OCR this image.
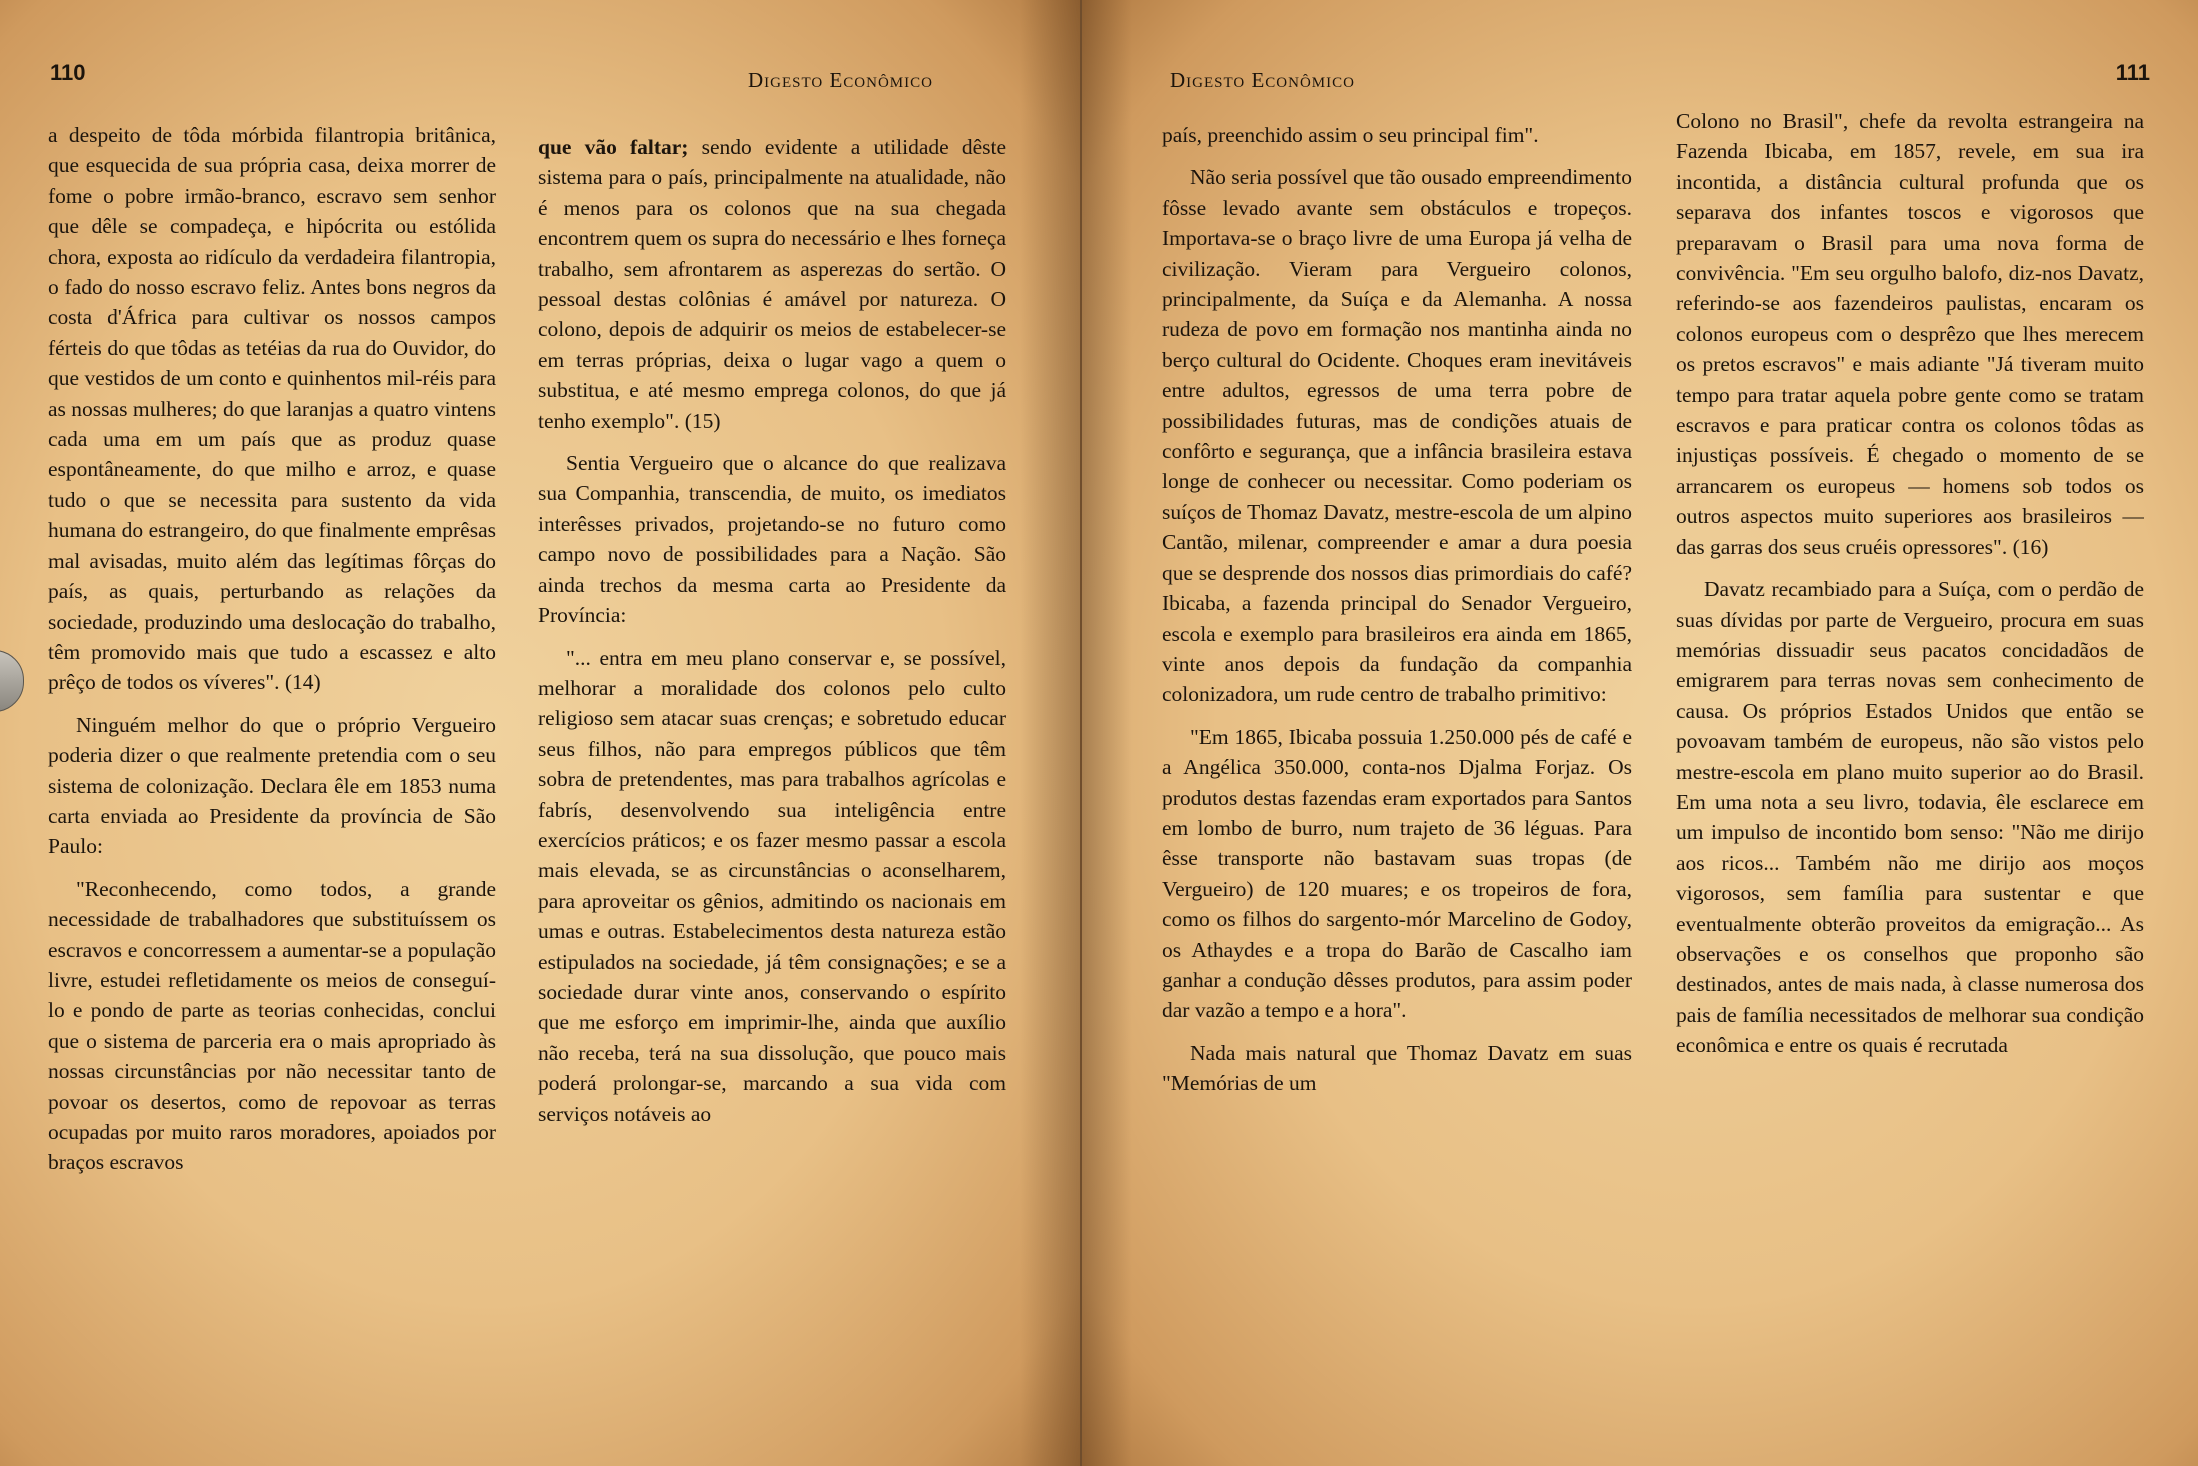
110	Digesto Econômico

a despeito de tôda mórbida filantropia britânica, que esquecida de sua própria casa, deixa morrer de fome o pobre irmão-branco, escravo sem senhor que dêle se compadeça, e hipócrita ou estólida chora, exposta ao ridículo da verdadeira filantropia, o fado do nosso escravo feliz. Antes bons negros da costa d'África para cultivar os nossos campos férteis do que tôdas as tetéias da rua do Ouvidor, do que vestidos de um conto e quinhentos mil-réis para as nossas mulheres; do que laranjas a quatro vintens cada uma em um país que as produz quase espontâneamente, do que milho e arroz, e quase tudo o que se necessita para sustento da vida humana do estrangeiro, do que finalmente emprêsas mal avisadas, muito além das legítimas fôrças do país, as quais, perturbando as relações da sociedade, produzindo uma deslocação do trabalho, têm promovido mais que tudo a escassez e alto prêço de todos os víveres". (14)

Ninguém melhor do que o próprio Vergueiro poderia dizer o que realmente pretendia com o seu sistema de colonização. Declara êle em 1853 numa carta enviada ao Presidente da província de São Paulo:

"Reconhecendo, como todos, a grande necessidade de trabalhadores que substituíssem os escravos e concorressem a aumentar-se a população livre, estudei refletidamente os meios de conseguí-lo e pondo de parte as teorias conhecidas, conclui que o sistema de parceria era o mais apropriado às nossas circunstâncias por não necessitar tanto de povoar os desertos, como de repovoar as terras ocupadas por muito raros moradores, apoiados por braços escravos

que vão faltar; sendo evidente a utilidade dêste sistema para o país, principalmente na atualidade, não é menos para os colonos que na sua chegada encontrem quem os supra do necessário e lhes forneça trabalho, sem afrontarem as asperezas do sertão. O pessoal destas colônias é amável por natureza. O colono, depois de adquirir os meios de estabelecer-se em terras próprias, deixa o lugar vago a quem o substitua, e até mesmo emprega colonos, do que já tenho exemplo". (15)

Sentia Vergueiro que o alcance do que realizava sua Companhia, transcendia, de muito, os imediatos interêsses privados, projetando-se no futuro como campo novo de possibilidades para a Nação. São ainda trechos da mesma carta ao Presidente da Província:

"... entra em meu plano conservar e, se possível, melhorar a moralidade dos colonos pelo culto religioso sem atacar suas crenças; e sobretudo educar seus filhos, não para empregos públicos que têm sobra de pretendentes, mas para trabalhos agrícolas e fabrís, desenvolvendo sua inteligência entre exercícios práticos; e os fazer mesmo passar a escola mais elevada, se as circunstâncias o aconselharem, para aproveitar os gênios, admitindo os nacionais em umas e outras. Estabelecimentos desta natureza estão estipulados na sociedade, já têm consignações; e se a sociedade durar vinte anos, conservando o espírito que me esforço em imprimir-lhe, ainda que auxílio não receba, terá na sua dissolução, que pouco mais poderá prolongar-se, marcando a sua vida com serviços notáveis ao

111
Digesto Econômico

país, preenchido assim o seu principal fim".

Não seria possível que tão ousado empreendimento fôsse levado avante sem obstáculos e tropeços. Importava-se o braço livre de uma Europa já velha de civilização. Vieram para Vergueiro colonos, principalmente, da Suíça e da Alemanha. A nossa rudeza de povo em formação nos mantinha ainda no berço cultural do Ocidente. Choques eram inevitáveis entre adultos, egressos de uma terra pobre de possibilidades futuras, mas de condições atuais de confôrto e segurança, que a infância brasileira estava longe de conhecer ou necessitar. Como poderiam os suíços de Thomaz Davatz, mestre-escola de um alpino Cantão, milenar, compreender e amar a dura poesia que se desprende dos nossos dias primordiais do café? Ibicaba, a fazenda principal do Senador Vergueiro, escola e exemplo para brasileiros era ainda em 1865, vinte anos depois da fundação da companhia colonizadora, um rude centro de trabalho primitivo:

"Em 1865, Ibicaba possuia 1.250.000 pés de café e a Angélica 350.000, conta-nos Djalma Forjaz. Os produtos destas fazendas eram exportados para Santos em lombo de burro, num trajeto de 36 léguas. Para êsse transporte não bastavam suas tropas (de Vergueiro) de 120 muares; e os tropeiros de fora, como os filhos do sargento-mór Marcelino de Godoy, os Athaydes e a tropa do Barão de Cascalho iam ganhar a condução dêsses produtos, para assim poder dar vazão a tempo e a hora".

Nada mais natural que Thomaz Davatz em suas "Memórias de um

Colono no Brasil", chefe da revolta estrangeira na Fazenda Ibicaba, em 1857, revele, em sua ira incontida, a distância cultural profunda que os separava dos infantes toscos e vigorosos que preparavam o Brasil para uma nova forma de convivência. "Em seu orgulho balofo, diz-nos Davatz, referindo-se aos fazendeiros paulistas, encaram os colonos europeus com o desprêzo que lhes merecem os pretos escravos" e mais adiante "Já tiveram muito tempo para tratar aquela pobre gente como se tratam escravos e para praticar contra os colonos tôdas as injustiças possíveis. É chegado o momento de se arrancarem os europeus — homens sob todos os outros aspectos muito superiores aos brasileiros — das garras dos seus cruéis opressores". (16)

Davatz recambiado para a Suíça, com o perdão de suas dívidas por parte de Vergueiro, procura em suas memórias dissuadir seus pacatos concidadãos de emigrarem para terras novas sem conhecimento de causa. Os próprios Estados Unidos que então se povoavam também de europeus, não são vistos pelo mestre-escola em plano muito superior ao do Brasil. Em uma nota a seu livro, todavia, êle esclarece em um impulso de incontido bom senso: "Não me dirijo aos ricos... Também não me dirijo aos moços vigorosos, sem família para sustentar e que eventualmente obterão proveitos da emigração... As observações e os conselhos que proponho são destinados, antes de mais nada, à classe numerosa dos pais de família necessitados de melhorar sua condição econômica e entre os quais é recrutada
